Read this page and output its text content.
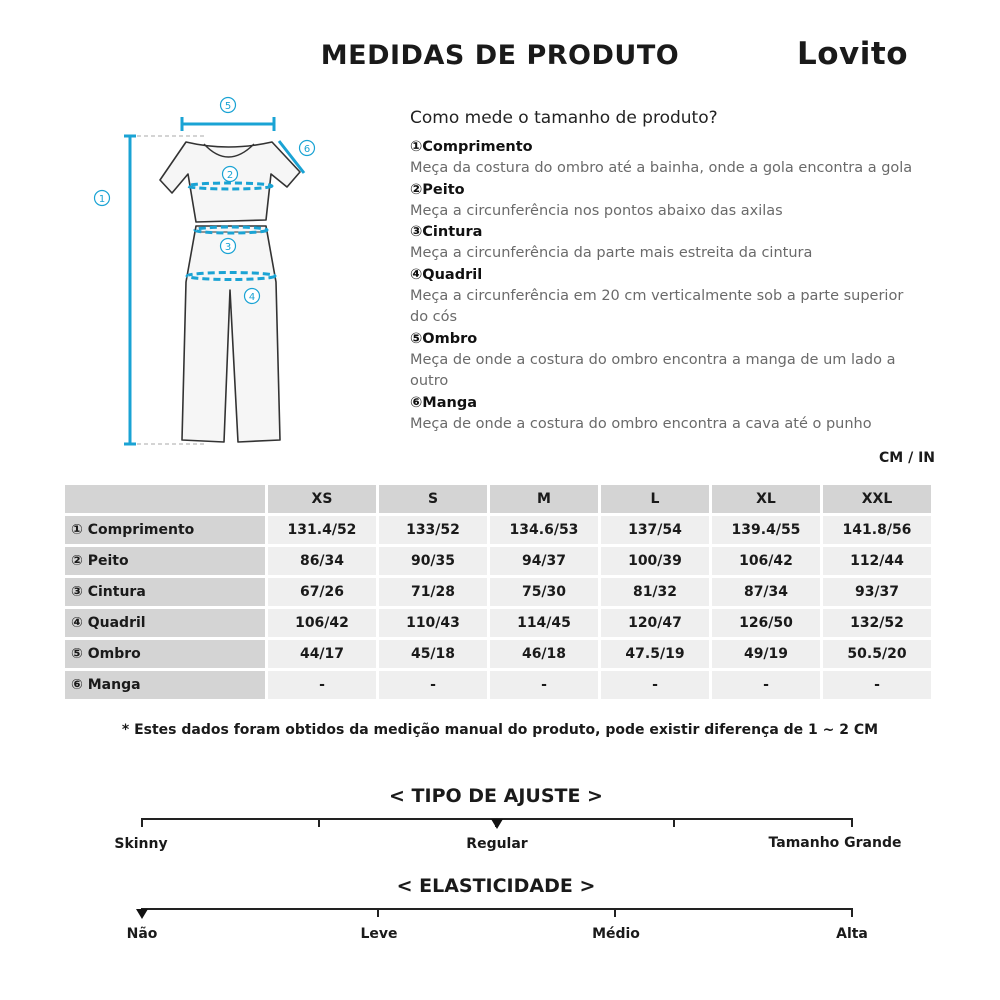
MEDIDAS DE PRODUTO	Lovito
1
2
3
4
5
6
Como mede o tamanho de produto?
①Comprimento
Meça da costura do ombro até a bainha, onde a gola encontra a gola
②Peito
Meça a circunferência nos pontos abaixo das axilas
③Cintura
Meça a circunferência da parte mais estreita da cintura
④Quadril
Meça a circunferência em 20 cm verticalmente sob a parte superior do cós
⑤Ombro
Meça de onde a costura do ombro encontra a manga de um lado a outro
⑥Manga
Meça de onde a costura do ombro encontra a cava até o punho
CM / IN
	XS	S	M	L	XL	XXL
① Comprimento	131.4/52	133/52	134.6/53	137/54	139.4/55	141.8/56
② Peito	86/34	90/35	94/37	100/39	106/42	112/44
③ Cintura	67/26	71/28	75/30	81/32	87/34	93/37
④ Quadril	106/42	110/43	114/45	120/47	126/50	132/52
⑤ Ombro	44/17	45/18	46/18	47.5/19	49/19	50.5/20
⑥ Manga	-	-	-	-	-	-
* Estes dados foram obtidos da medição manual do produto, pode existir diferença de 1 ~ 2 CM
< TIPO DE AJUSTE >
Skinny	Regular	Tamanho Grande
< ELASTICIDADE >
Não	Leve	Médio	Alta
